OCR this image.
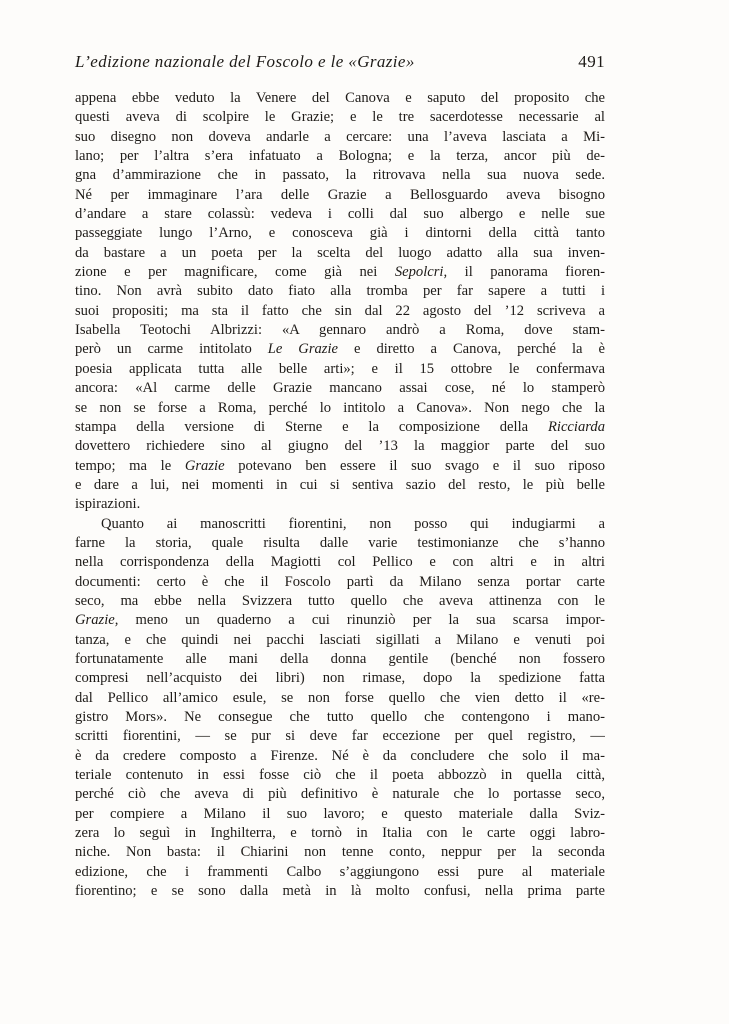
L’edizione nazionale del Foscolo e le «Grazie»	491
appena ebbe veduto la Venere del Canova e saputo del proposito che
questi aveva di scolpire le Grazie; e le tre sacerdotesse necessarie al
suo disegno non doveva andarle a cercare: una l’aveva lasciata a Mi-
lano; per l’altra s’era infatuato a Bologna; e la terza, ancor più de-
gna d’ammirazione che in passato, la ritrovava nella sua nuova sede.
Né per immaginare l’ara delle Grazie a Bellosguardo aveva bisogno
d’andare a stare colassù: vedeva i colli dal suo albergo e nelle sue
passeggiate lungo l’Arno, e conosceva già i dintorni della città tanto
da bastare a un poeta per la scelta del luogo adatto alla sua inven-
zione e per magnificare, come già nei Sepolcri, il panorama fioren-
tino. Non avrà subito dato fiato alla tromba per far sapere a tutti i
suoi propositi; ma sta il fatto che sin dal 22 agosto del ’12 scriveva a
Isabella Teotochi Albrizzi: «A gennaro andrò a Roma, dove stam-
però un carme intitolato Le Grazie e diretto a Canova, perché la è
poesia applicata tutta alle belle arti»; e il 15 ottobre le confermava
ancora: «Al carme delle Grazie mancano assai cose, né lo stamperò
se non se forse a Roma, perché lo intitolo a Canova». Non nego che la
stampa della versione di Sterne e la composizione della Ricciarda
dovettero richiedere sino al giugno del ’13 la maggior parte del suo
tempo; ma le Grazie potevano ben essere il suo svago e il suo riposo
e dare a lui, nei momenti in cui si sentiva sazio del resto, le più belle
ispirazioni.
Quanto ai manoscritti fiorentini, non posso qui indugiarmi a
farne la storia, quale risulta dalle varie testimonianze che s’hanno
nella corrispondenza della Magiotti col Pellico e con altri e in altri
documenti: certo è che il Foscolo partì da Milano senza portar carte
seco, ma ebbe nella Svizzera tutto quello che aveva attinenza con le
Grazie, meno un quaderno a cui rinunziò per la sua scarsa impor-
tanza, e che quindi nei pacchi lasciati sigillati a Milano e venuti poi
fortunatamente alle mani della donna gentile (benché non fossero
compresi nell’acquisto dei libri) non rimase, dopo la spedizione fatta
dal Pellico all’amico esule, se non forse quello che vien detto il «re-
gistro Mors». Ne consegue che tutto quello che contengono i mano-
scritti fiorentini, — se pur si deve far eccezione per quel registro, —
è da credere composto a Firenze. Né è da concludere che solo il ma-
teriale contenuto in essi fosse ciò che il poeta abbozzò in quella città,
perché ciò che aveva di più definitivo è naturale che lo portasse seco,
per compiere a Milano il suo lavoro; e questo materiale dalla Sviz-
zera lo seguì in Inghilterra, e tornò in Italia con le carte oggi labro-
niche. Non basta: il Chiarini non tenne conto, neppur per la seconda
edizione, che i frammenti Calbo s’aggiungono essi pure al materiale
fiorentino; e se sono dalla metà in là molto confusi, nella prima parte
